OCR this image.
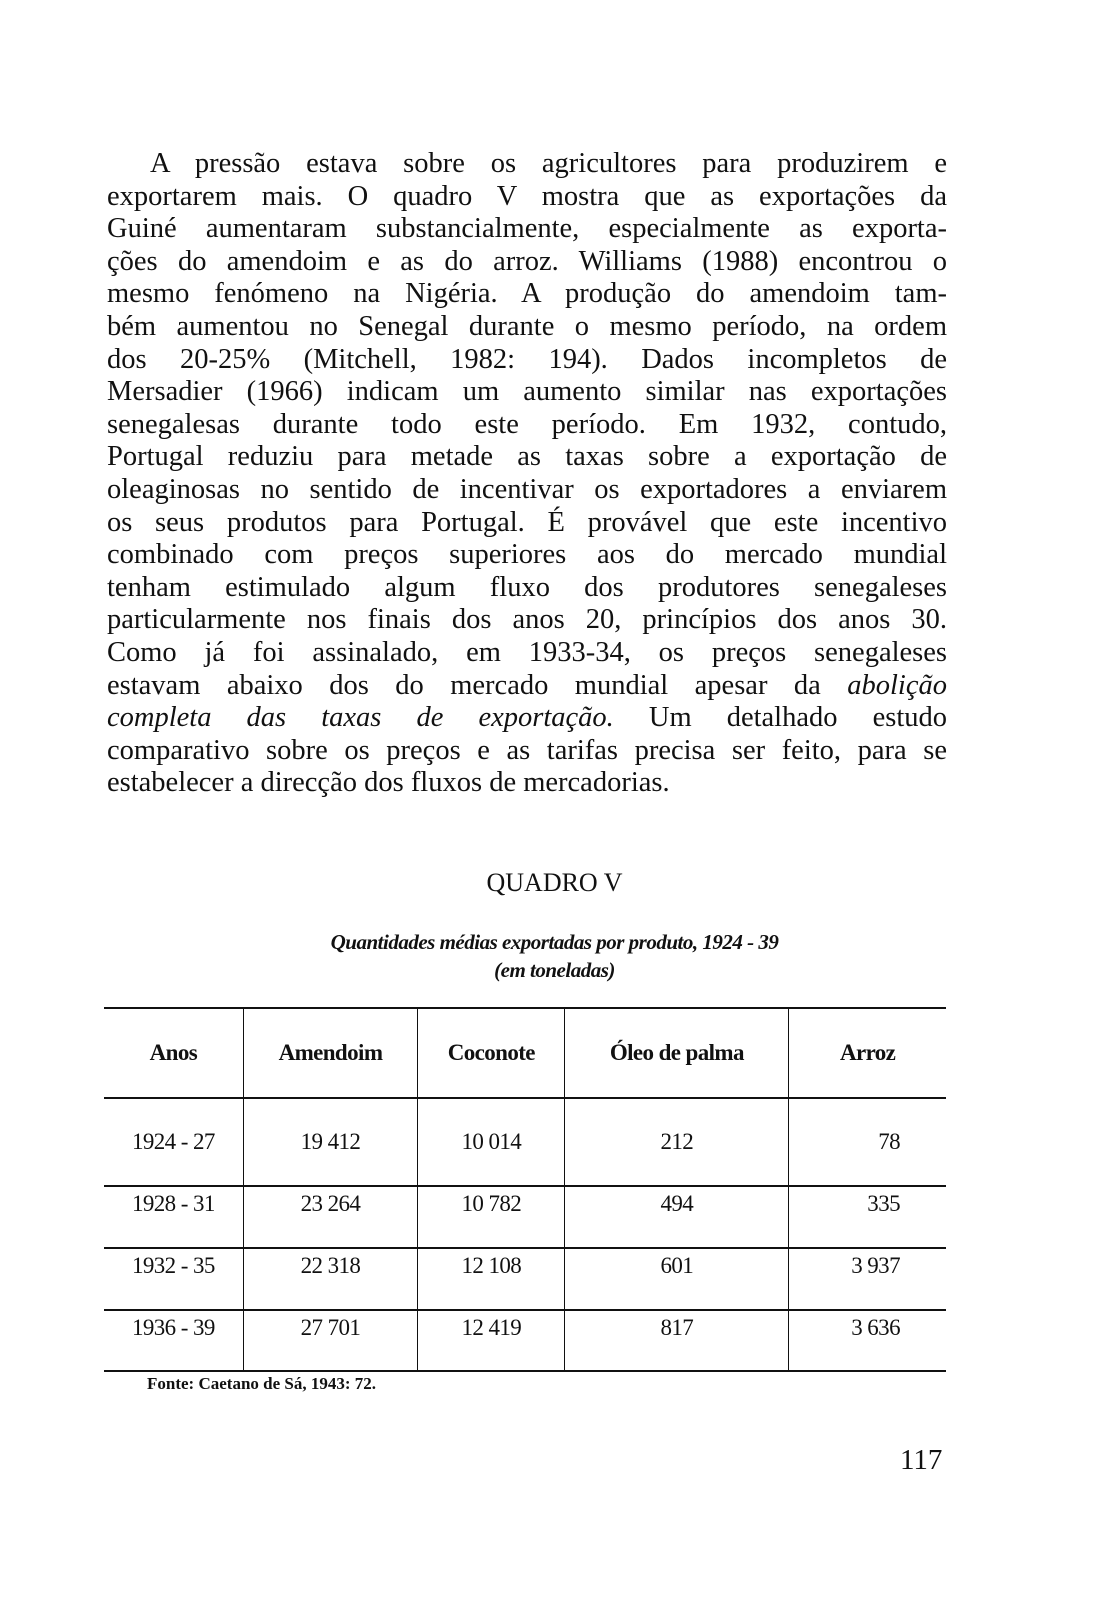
A pressão estava sobre os agricultores para produzirem e
exportarem mais. O quadro V mostra que as exportações da
Guiné aumentaram substancialmente, especialmente as exporta-
ções do amendoim e as do arroz. Williams (1988) encontrou o
mesmo fenómeno na Nigéria. A produção do amendoim tam-
bém aumentou no Senegal durante o mesmo período, na ordem
dos 20-25% (Mitchell, 1982: 194). Dados incompletos de
Mersadier (1966) indicam um aumento similar nas exportações
senegalesas durante todo este período. Em 1932, contudo,
Portugal reduziu para metade as taxas sobre a exportação de
oleaginosas no sentido de incentivar os exportadores a enviarem
os seus produtos para Portugal. É provável que este incentivo
combinado com preços superiores aos do mercado mundial
tenham estimulado algum fluxo dos produtores senegaleses
particularmente nos finais dos anos 20, princípios dos anos 30.
Como já foi assinalado, em 1933-34, os preços senegaleses
estavam abaixo dos do mercado mundial apesar da abolição
completa das taxas de exportação. Um detalhado estudo
comparativo sobre os preços e as tarifas precisa ser feito, para se
estabelecer a direcção dos fluxos de mercadorias.
QUADRO V
Quantidades médias exportadas por produto, 1924 - 39
(em toneladas)
Anos	Amendoim	Coconote	Óleo de palma	Arroz
1924 - 27	19 412	10 014	212	78
1928 - 31	23 264	10 782	494	335
1932 - 35	22 318	12 108	601	3 937
1936 - 39	27 701	12 419	817	3 636
Fonte: Caetano de Sá, 1943: 72.
117
